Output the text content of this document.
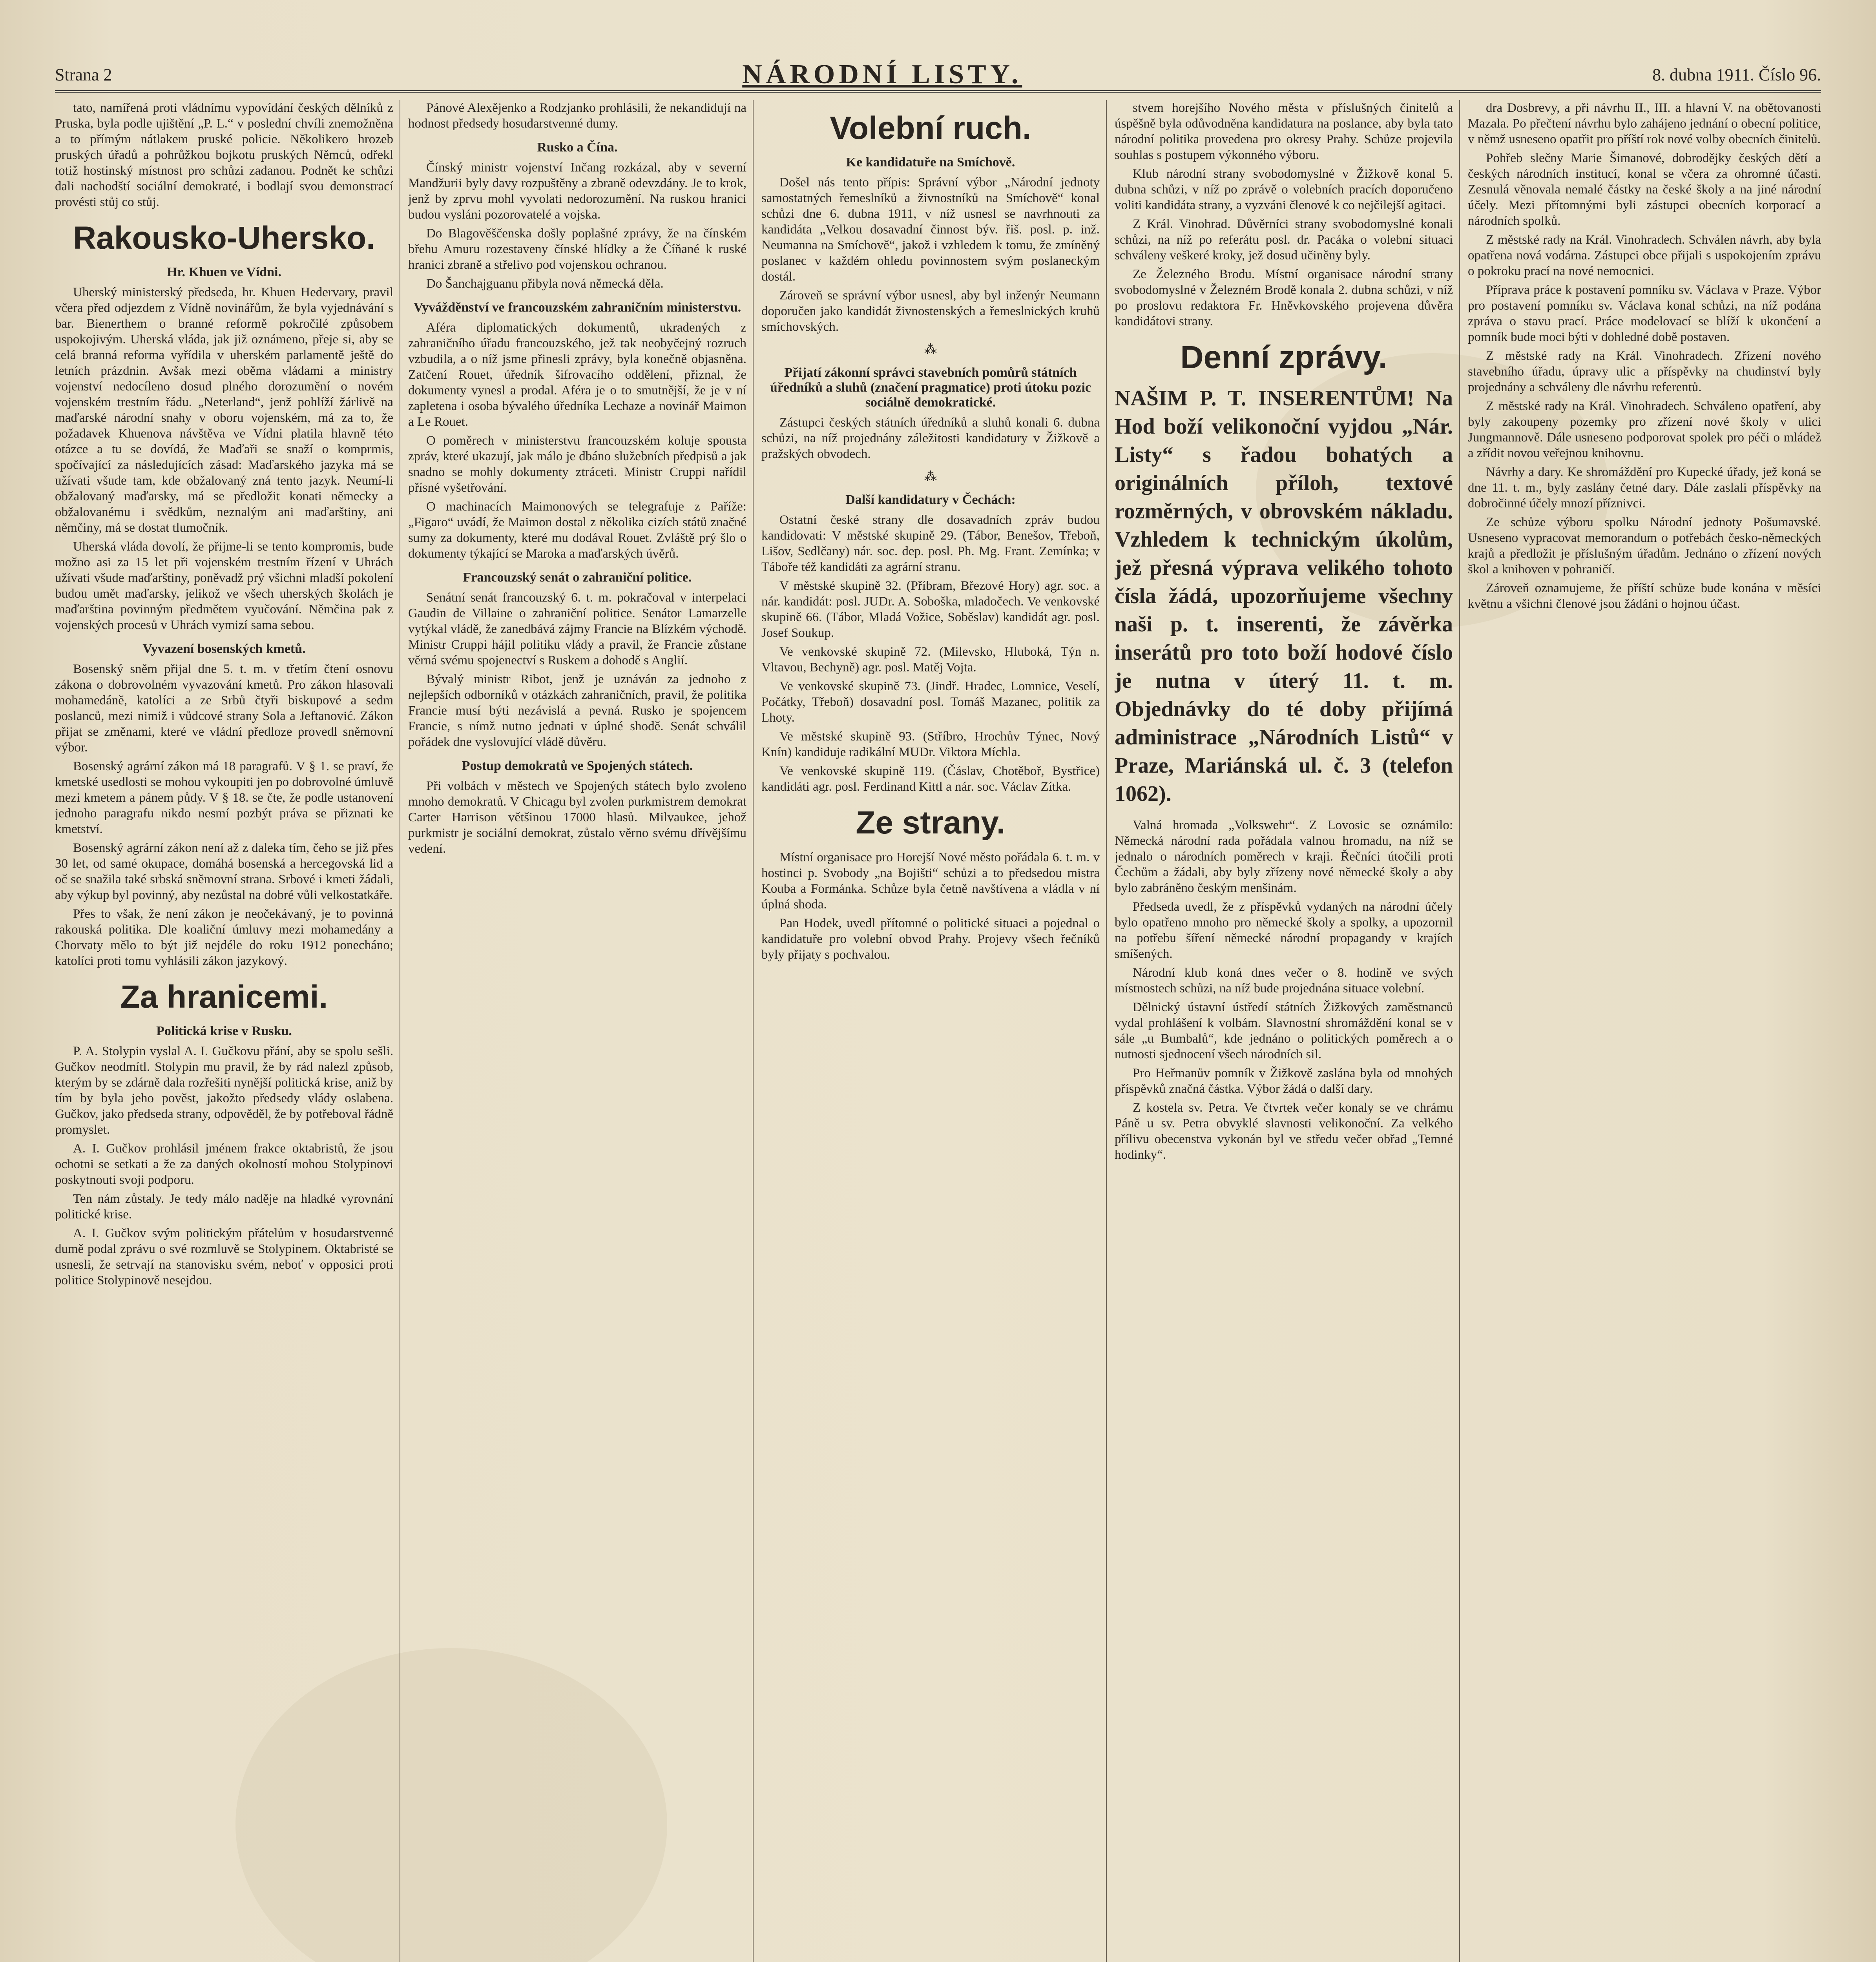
Strana 2	NÁRODNÍ LISTY.	8. dubna 1911. Číslo 96.

tato, namířená proti vládnímu vypovídání českých dělníků z Pruska, byla podle ujištění „P. L.“ v poslední chvíli znemožněna a to přímým nátlakem pruské policie. Několikero hrozeb pruských úřadů a pohrůžkou bojkotu pruských Němců, odřekl totiž hostinský místnost pro schůzi zadanou. Podnět ke schůzi dali nachodští sociální demokraté, i bodlají svou demonstrací provésti stůj co stůj.

Rakousko-Uhersko.
Hr. Khuen ve Vídni.

Uherský ministerský předseda, hr. Khuen Hedervary, pravil včera před odjezdem z Vídně novinářům, že byla vyjednávání s bar. Bienerthem o branné reformě pokročilé způsobem uspokojivým. Uherská vláda, jak již oznámeno, přeje si, aby se celá branná reforma vyřídila v uherském parlamentě ještě do letních prázdnin. Avšak mezi oběma vládami a ministry vojenství nedocíleno dosud plného dorozumění o novém vojenském trestním řádu. „Neterland“, jenž pohlíží žárlivě na maďarské národní snahy v oboru vojenském, má za to, že požadavek Khuenova návštěva ve Vídni platila hlavně této otázce a tu se dovídá, že Maďaři se snaží o komprmis, spočívající za následujících zásad: Maďarského jazyka má se užívati všude tam, kde obžalovaný zná tento jazyk. Neumí-li obžalovaný maďarsky, má se předložit konati německy a obžalovanému i svědkům, neznalým ani maďarštiny, ani němčiny, má se dostat tlumočník.

Uherská vláda dovolí, že přijme-li se tento kompromis, bude možno asi za 15 let při vojenském trestním řízení v Uhrách užívati všude maďarštiny, poněvadž prý všichni mladší pokolení budou umět maďarsky, jelikož ve všech uherských školách je maďarština povinným předmětem vyučování. Němčina pak z vojenských procesů v Uhrách vymizí sama sebou.

Vyvazení bosenských kmetů.

Bosenský sněm přijal dne 5. t. m. v třetím čtení osnovu zákona o dobrovolném vyvazování kmetů. Pro zákon hlasovali mohamedáně, katolíci a ze Srbů čtyři biskupové a sedm poslanců, mezi nimiž i vůdcové strany Sola a Jeftanović. Zákon přijat se změnami, které ve vládní předloze provedl sněmovní výbor.

Bosenský agrární zákon má 18 paragrafů. V § 1. se praví, že kmetské usedlosti se mohou vykoupiti jen po dobrovolné úmluvě mezi kmetem a pánem půdy. V § 18. se čte, že podle ustanovení jednoho paragrafu nikdo nesmí pozbýt práva se přiznati ke kmetství.

Bosenský agrární zákon není až z daleka tím, čeho se již přes 30 let, od samé okupace, domáhá bosenská a hercegovská lid a oč se snažila také srbská sněmovní strana. Srbové i kmeti žádali, aby výkup byl povinný, aby nezůstal na dobré vůli velkostatkáře.

Přes to však, že není zákon je neočekávaný, je to povinná rakouská politika. Dle koaliční úmluvy mezi mohamedány a Chorvaty mělo to být již nejdéle do roku 1912 ponecháno; katolíci proti tomu vyhlásili zákon jazykový.

Za hranicemi.
Politická krise v Rusku.

P. A. Stolypin vyslal A. I. Gučkovu přání, aby se spolu sešli. Gučkov neodmítl. Stolypin mu pravil, že by rád nalezl způsob, kterým by se zdárně dala rozřešiti nynější politická krise, aniž by tím by byla jeho pověst, jakožto předsedy vlády oslabena. Gučkov, jako předseda strany, odpověděl, že by potřeboval řádně promyslet.

A. I. Gučkov prohlásil jménem frakce oktabristů, že jsou ochotni se setkati a že za daných okolností mohou Stolypinovi poskytnouti svoji podporu.

Ten nám zůstaly. Je tedy málo naděje na hladké vyrovnání politické krise.

A. I. Gučkov svým politickým přátelům v hosudarstvenné dumě podal zprávu o své rozmluvě se Stolypinem. Oktabristé se usnesli, že setrvají na stanovisku svém, neboť v opposici proti politice Stolypinově nesejdou.

Pánové Alexějenko a Rodzjanko prohlásili, že nekandidují na hodnost předsedy hosudarstvenné dumy.

Rusko a Čína.

Čínský ministr vojenství Inčang rozkázal, aby v severní Mandžurii byly davy rozpuštěny a zbraně odevzdány. Je to krok, jenž by zprvu mohl vyvolati nedorozumění. Na ruskou hranici budou vysláni pozorovatelé a vojska.

Do Blagověščenska došly poplašné zprávy, že na čínském břehu Amuru rozestaveny čínské hlídky a že Číňané k ruské hranici zbraně a střelivo pod vojenskou ochranou.

Do Šanchajguanu přibyla nová německá děla.

Vyvážděnství ve francouzském zahraničním ministerstvu.

Aféra diplomatických dokumentů, ukradených z zahraničního úřadu francouzského, jež tak neobyčejný rozruch vzbudila, a o níž jsme přinesli zprávy, byla konečně objasněna. Zatčení Rouet, úředník šifrovacího oddělení, přiznal, že dokumenty vynesl a prodal. Aféra je o to smutnější, že je v ní zapletena i osoba bývalého úředníka Lechaze a novinář Maimon a Le Rouet.

O poměrech v ministerstvu francouzském koluje spousta zpráv, které ukazují, jak málo je dbáno služebních předpisů a jak snadno se mohly dokumenty ztráceti. Ministr Cruppi nařídil přísné vyšetřování.

O machinacích Maimonových se telegrafuje z Paříže: „Figaro“ uvádí, že Maimon dostal z několika cizích států značné sumy za dokumenty, které mu dodával Rouet. Zvláště prý šlo o dokumenty týkající se Maroka a maďarských úvěrů.

Francouzský senát o zahraniční politice.

Senátní senát francouzský 6. t. m. pokračoval v interpelaci Gaudin de Villaine o zahraniční politice. Senátor Lamarzelle vytýkal vládě, že zanedbává zájmy Francie na Blízkém východě. Ministr Cruppi hájil politiku vlády a pravil, že Francie zůstane věrná svému spojenectví s Ruskem a dohodě s Anglií.

Bývalý ministr Ribot, jenž je uznáván za jednoho z nejlepších odborníků v otázkách zahraničních, pravil, že politika Francie musí býti nezávislá a pevná. Rusko je spojencem Francie, s nímž nutno jednati v úplné shodě. Senát schválil pořádek dne vyslovující vládě důvěru.

Postup demokratů ve Spojených státech.

Při volbách v městech ve Spojených státech bylo zvoleno mnoho demokratů. V Chicagu byl zvolen purkmistrem demokrat Carter Harrison většinou 17000 hlasů. Milvaukee, jehož purkmistr je sociální demokrat, zůstalo věrno svému dřívějšímu vedení.

Volební ruch.
Ke kandidatuře na Smíchově.

Došel nás tento přípis: Správní výbor „Národní jednoty samostatných řemeslníků a živnostníků na Smíchově“ konal schůzi dne 6. dubna 1911, v níž usnesl se navrhnouti za kandidáta „Velkou dosavadní činnost býv. řiš. posl. p. inž. Neumanna na Smíchově“, jakož i vzhledem k tomu, že zmíněný poslanec v každém ohledu povinnostem svým poslaneckým dostál.

Zároveň se správní výbor usnesl, aby byl inženýr Neumann doporučen jako kandidát živnostenských a řemeslnických kruhů smíchovských.

⁂
Přijatí zákonní správci stavebních pomůrů státních úředníků a sluhů (značení pragmatice) proti útoku pozic sociálně demokratické.

Zástupci českých státních úředníků a sluhů konali 6. dubna schůzi, na níž projednány záležitosti kandidatury v Žižkově a pražských obvodech.

⁂
Další kandidatury v Čechách:

Ostatní české strany dle dosavadních zpráv budou kandidovati: V městské skupině 29. (Tábor, Benešov, Třeboň, Lišov, Sedlčany) nár. soc. dep. posl. Ph. Mg. Frant. Zemínka; v Táboře též kandidáti za agrární stranu.

V městské skupině 32. (Příbram, Březové Hory) agr. soc. a nár. kandidát: posl. JUDr. A. Soboška, mladočech. Ve venkovské skupině 66. (Tábor, Mladá Vožice, Soběslav) kandidát agr. posl. Josef Soukup.

Ve venkovské skupině 72. (Milevsko, Hluboká, Týn n. Vltavou, Bechyně) agr. posl. Matěj Vojta.

Ve venkovské skupině 73. (Jindř. Hradec, Lomnice, Veselí, Počátky, Třeboň) dosavadní posl. Tomáš Mazanec, politik za Lhoty.

Ve městské skupině 93. (Stříbro, Hrochův Týnec, Nový Knín) kandiduje radikální MUDr. Viktora Míchla.

Ve venkovské skupině 119. (Čáslav, Chotěboř, Bystřice) kandidáti agr. posl. Ferdinand Kittl a nár. soc. Václav Zítka.

Ze strany.

Místní organisace pro Horejší Nové město pořádala 6. t. m. v hostinci p. Svobody „na Bojišti“ schůzi a to předsedou mistra Kouba a Formánka. Schůze byla četně navštívena a vládla v ní úplná shoda.

Pan Hodek, uvedl přítomné o politické situaci a pojednal o kandidatuře pro volební obvod Prahy. Projevy všech řečníků byly přijaty s pochvalou.

stvem horejšího Nového města v příslušných činitelů a úspěšně byla odůvodněna kandidatura na poslance, aby byla tato národní politika provedena pro okresy Prahy. Schůze projevila souhlas s postupem výkonného výboru.

Klub národní strany svobodomyslné v Žižkově konal 5. dubna schůzi, v níž po zprávě o volebních pracích doporučeno voliti kandidáta strany, a vyzváni členové k co nejčilejší agitaci.

Z Král. Vinohrad. Důvěrníci strany svobodomyslné konali schůzi, na níž po referátu posl. dr. Pacáka o volební situaci schváleny veškeré kroky, jež dosud učiněny byly.

Ze Železného Brodu. Místní organisace národní strany svobodomyslné v Železném Brodě konala 2. dubna schůzi, v níž po proslovu redaktora Fr. Hněvkovského projevena důvěra kandidátovi strany.

Denní zprávy.

NAŠIM P. T. INSERENTŮM! Na Hod boží velikonoční vyjdou „Nár. Listy“ s řadou bohatých a originálních příloh, textové rozměrných, v obrovském nákladu. Vzhledem k technickým úkolům, jež přesná výprava velikého tohoto čísla žádá, upozorňujeme všechny naši p. t. inserenti, že závěrka inserátů pro toto boží hodové číslo je nutna v úterý 11. t. m. Objednávky do té doby přijímá administrace „Národních Listů“ v Praze, Mariánská ul. č. 3 (telefon 1062).

Valná hromada „Volkswehr“. Z Lovosic se oznámilo: Německá národní rada pořádala valnou hromadu, na níž se jednalo o národních poměrech v kraji. Řečníci útočili proti Čechům a žádali, aby byly zřízeny nové německé školy a aby bylo zabráněno českým menšinám.

Předseda uvedl, že z příspěvků vydaných na národní účely bylo opatřeno mnoho pro německé školy a spolky, a upozornil na potřebu šíření německé národní propagandy v krajích smíšených.

Národní klub koná dnes večer o 8. hodině ve svých místnostech schůzi, na níž bude projednána situace volební.

Dělnický ústavní ústředí státních Žižkových zaměstnanců vydal prohlášení k volbám. Slavnostní shromáždění konal se v sále „u Bumbalů“, kde jednáno o politických poměrech a o nutnosti sjednocení všech národních sil.

Pro Heřmanův pomník v Žižkově zaslána byla od mnohých příspěvků značná částka. Výbor žádá o další dary.

Z kostela sv. Petra. Ve čtvrtek večer konaly se ve chrámu Páně u sv. Petra obvyklé slavnosti velikonoční. Za velkého přílivu obecenstva vykonán byl ve středu večer obřad „Temné hodinky“.

dra Dosbrevy, a při návrhu II., III. a hlavní V. na obětovanosti Mazala. Po přečtení návrhu bylo zahájeno jednání o obecní politice, v němž usneseno opatřit pro příští rok nové volby obecních činitelů.

Pohřeb slečny Marie Šimanové, dobrodějky českých dětí a českých národních institucí, konal se včera za ohromné účasti. Zesnulá věnovala nemalé částky na české školy a na jiné národní účely. Mezi přítomnými byli zástupci obecních korporací a národních spolků.

Z městské rady na Král. Vinohradech. Schválen návrh, aby byla opatřena nová vodárna. Zástupci obce přijali s uspokojením zprávu o pokroku prací na nové nemocnici.

Příprava práce k postavení pomníku sv. Václava v Praze. Výbor pro postavení pomníku sv. Václava konal schůzi, na níž podána zpráva o stavu prací. Práce modelovací se blíží k ukončení a pomník bude moci býti v dohledné době postaven.

Z městské rady na Král. Vinohradech. Zřízení nového stavebního úřadu, úpravy ulic a příspěvky na chudinství byly projednány a schváleny dle návrhu referentů.

Z městské rady na Král. Vinohradech. Schváleno opatření, aby byly zakoupeny pozemky pro zřízení nové školy v ulici Jungmannově. Dále usneseno podporovat spolek pro péči o mládež a zřídit novou veřejnou knihovnu.

Návrhy a dary. Ke shromáždění pro Kupecké úřady, jež koná se dne 11. t. m., byly zaslány četné dary. Dále zaslali příspěvky na dobročinné účely mnozí příznivci.

Ze schůze výboru spolku Národní jednoty Pošumavské. Usneseno vypracovat memorandum o potřebách česko-německých krajů a předložit je příslušným úřadům. Jednáno o zřízení nových škol a knihoven v pohraničí.

Zároveň oznamujeme, že příští schůze bude konána v měsíci květnu a všichni členové jsou žádáni o hojnou účast.
